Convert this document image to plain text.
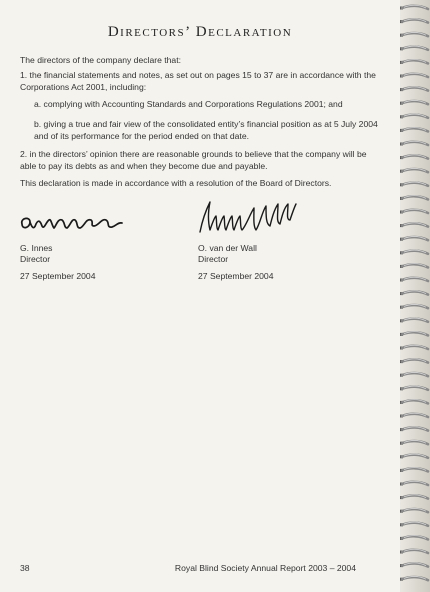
Directors’ Declaration
The directors of the company declare that:
1. the financial statements and notes, as set out on pages 15 to 37 are in accordance with the Corporations Act 2001, including:
a. complying with Accounting Standards and Corporations Regulations 2001; and
b. giving a true and fair view of the consolidated entity’s financial position as at 5 July 2004 and of its performance for the period ended on that date.
2. in the directors’ opinion there are reasonable grounds to believe that the company will be able to pay its debts as and when they become due and payable.
This declaration is made in accordance with a resolution of the Board of Directors.
G. Innes
Director
27 September 2004
O. van der Wall
Director
27 September 2004
38	Royal Blind Society Annual Report 2003 – 2004
